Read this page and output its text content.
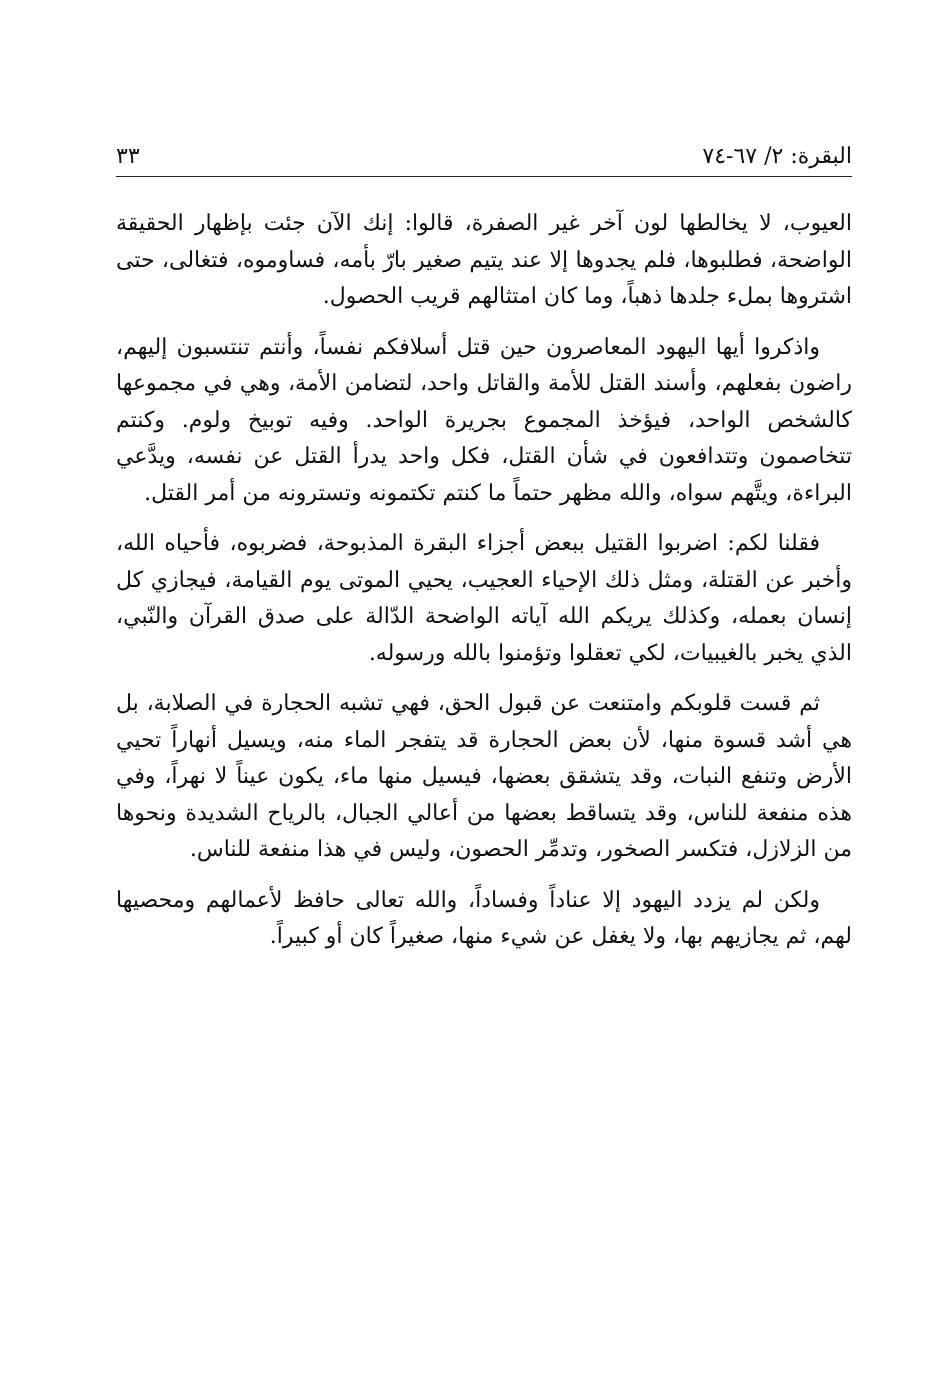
البقرة: ٢/ ٦٧-٧٤
٣٣

العيوب، لا يخالطها لون آخر غير الصفرة، قالوا: إنك الآن جئت بإظهار الحقيقة الواضحة، فطلبوها، فلم يجدوها إلا عند يتيم صغير بارّ بأمه، فساوموه، فتغالى، حتى اشتروها بملء جلدها ذهباً، وما كان امتثالهم قريب الحصول.

واذكروا أيها اليهود المعاصرون حين قتل أسلافكم نفساً، وأنتم تنتسبون إليهم، راضون بفعلهم، وأسند القتل للأمة والقاتل واحد، لتضامن الأمة، وهي في مجموعها كالشخص الواحد، فيؤخذ المجموع بجريرة الواحد. وفيه توبيخ ولوم. وكنتم تتخاصمون وتتدافعون في شأن القتل، فكل واحد يدرأ القتل عن نفسه، ويدَّعي البراءة، ويتَّهم سواه، والله مظهر حتماً ما كنتم تكتمونه وتسترونه من أمر القتل.

فقلنا لكم: اضربوا القتيل ببعض أجزاء البقرة المذبوحة، فضربوه، فأحياه الله، وأخبر عن القتلة، ومثل ذلك الإحياء العجيب، يحيي الموتى يوم القيامة، فيجازي كل إنسان بعمله، وكذلك يريكم الله آياته الواضحة الدّالة على صدق القرآن والنّبي، الذي يخبر بالغيبيات، لكي تعقلوا وتؤمنوا بالله ورسوله.

ثم قست قلوبكم وامتنعت عن قبول الحق، فهي تشبه الحجارة في الصلابة، بل هي أشد قسوة منها، لأن بعض الحجارة قد يتفجر الماء منه، ويسيل أنهاراً تحيي الأرض وتنفع النبات، وقد يتشقق بعضها، فيسيل منها ماء، يكون عيناً لا نهراً، وفي هذه منفعة للناس، وقد يتساقط بعضها من أعالي الجبال، بالرياح الشديدة ونحوها من الزلازل، فتكسر الصخور، وتدمِّر الحصون، وليس في هذا منفعة للناس.

ولكن لم يزدد اليهود إلا عناداً وفساداً، والله تعالى حافظ لأعمالهم ومحصيها لهم، ثم يجازيهم بها، ولا يغفل عن شيء منها، صغيراً كان أو كبيراً.
